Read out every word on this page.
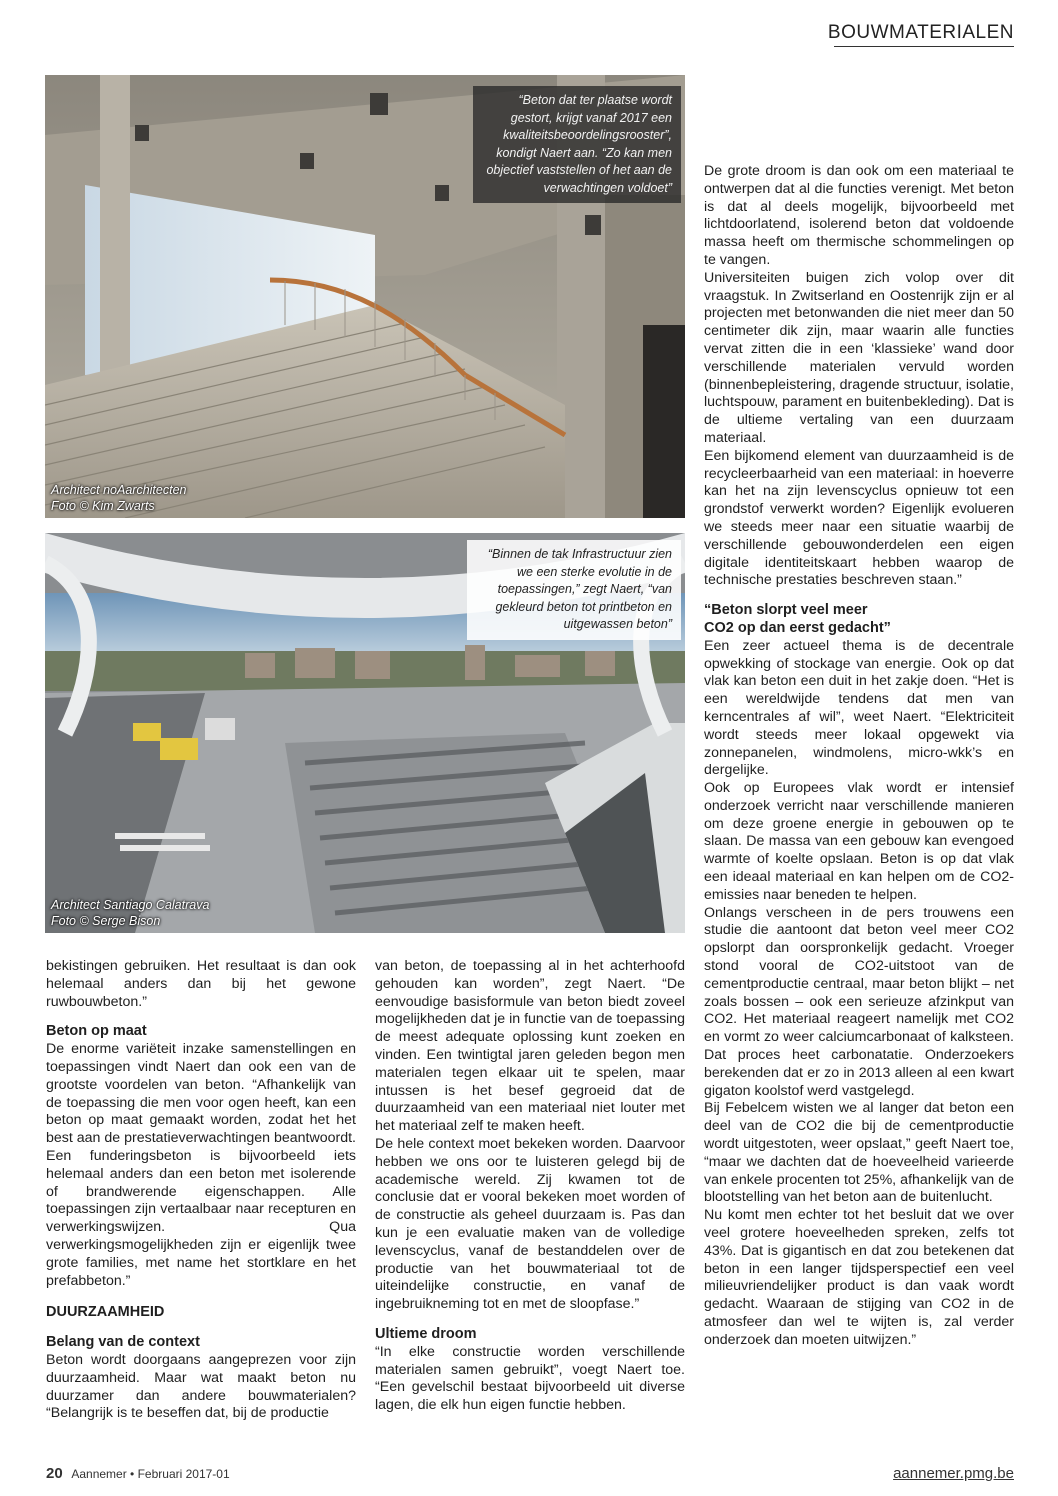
BOUWMATERIALEN
“Beton dat ter plaatse wordt gestort, krijgt vanaf 2017 een kwaliteitsbeoordelingsrooster”, kondigt Naert aan. “Zo kan men objectief vaststellen of het aan de verwachtingen voldoet”
Architect noAarchitecten
Foto © Kim Zwarts
“Binnen de tak Infrastructuur zien we een sterke evolutie in de toepassingen,” zegt Naert, “van gekleurd beton tot printbeton en uitgewassen beton”
Architect Santiago Calatrava
Foto © Serge Bison

bekistingen gebruiken. Het resultaat is dan ook helemaal anders dan bij het gewone ruwbouwbeton.”

Beton op maat

De enorme variëteit inzake samenstellingen en toepassingen vindt Naert dan ook een van de grootste voordelen van beton. “Afhankelijk van de toepassing die men voor ogen heeft, kan een beton op maat gemaakt worden, zodat het het best aan de prestatieverwachtingen beantwoordt. Een funderingsbeton is bijvoorbeeld iets helemaal anders dan een beton met isolerende of brandwerende eigenschappen. Alle toepassingen zijn vertaalbaar naar recepturen en verwerkingswijzen. Qua verwerkingsmogelijkheden zijn er eigenlijk twee grote families, met name het stortklare en het prefabbeton.”

DUURZAAMHEID
Belang van de context

Beton wordt doorgaans aangeprezen voor zijn duurzaamheid. Maar wat maakt beton nu duurzamer dan andere bouwmaterialen? “Belangrijk is te beseffen dat, bij de productie

van beton, de toepassing al in het achterhoofd gehouden kan worden”, zegt Naert. “De eenvoudige basisformule van beton biedt zoveel mogelijkheden dat je in functie van de toepassing de meest adequate oplossing kunt zoeken en vinden. Een twintigtal jaren geleden begon men materialen tegen elkaar uit te spelen, maar intussen is het besef gegroeid dat de duurzaamheid van een materiaal niet louter met het materiaal zelf te maken heeft.

De hele context moet bekeken worden. Daarvoor hebben we ons oor te luisteren gelegd bij de academische wereld. Zij kwamen tot de conclusie dat er vooral bekeken moet worden of de constructie als geheel duurzaam is. Pas dan kun je een evaluatie maken van de volledige levenscyclus, vanaf de bestanddelen over de productie van het bouwmateriaal tot de uiteindelijke constructie, en vanaf de ingebruikneming tot en met de sloopfase.”

Ultieme droom

“In elke constructie worden verschillende materialen samen gebruikt”, voegt Naert toe. “Een gevelschil bestaat bijvoorbeeld uit diverse lagen, die elk hun eigen functie hebben.

De grote droom is dan ook om een materiaal te ontwerpen dat al die functies verenigt. Met beton is dat al deels mogelijk, bijvoorbeeld met lichtdoorlatend, isolerend beton dat voldoende massa heeft om thermische schommelingen op te vangen.

Universiteiten buigen zich volop over dit vraagstuk. In Zwitserland en Oostenrijk zijn er al projecten met betonwanden die niet meer dan 50 centimeter dik zijn, maar waarin alle functies vervat zitten die in een ‘klassieke’ wand door verschillende materialen vervuld worden (binnenbepleistering, dragende structuur, isolatie, luchtspouw, parament en buitenbekleding). Dat is de ultieme vertaling van een duurzaam materiaal.

Een bijkomend element van duurzaamheid is de recycleerbaarheid van een materiaal: in hoeverre kan het na zijn levenscyclus opnieuw tot een grondstof verwerkt worden? Eigenlijk evolueren we steeds meer naar een situatie waarbij de verschillende gebouwonderdelen een eigen digitale identiteitskaart hebben waarop de technische prestaties beschreven staan.”

“Beton slorpt veel meer
CO2 op dan eerst gedacht”

Een zeer actueel thema is de decentrale opwekking of stockage van energie. Ook op dat vlak kan beton een duit in het zakje doen. “Het is een wereldwijde tendens dat men van kerncentrales af wil”, weet Naert. “Elektriciteit wordt steeds meer lokaal opgewekt via zonnepanelen, windmolens, micro-wkk’s en dergelijke.

Ook op Europees vlak wordt er intensief onderzoek verricht naar verschillende manieren om deze groene energie in gebouwen op te slaan. De massa van een gebouw kan evengoed warmte of koelte opslaan. Beton is op dat vlak een ideaal materiaal en kan helpen om de CO2-emissies naar beneden te helpen.

Onlangs verscheen in de pers trouwens een studie die aantoont dat beton veel meer CO2 opslorpt dan oorspronkelijk gedacht. Vroeger stond vooral de CO2-uitstoot van de cementproductie centraal, maar beton blijkt – net zoals bossen – ook een serieuze afzinkput van CO2. Het materiaal reageert namelijk met CO2 en vormt zo weer calciumcarbonaat of kalksteen. Dat proces heet carbonatatie. Onderzoekers berekenden dat er zo in 2013 alleen al een kwart gigaton koolstof werd vastgelegd.

Bij Febelcem wisten we al langer dat beton een deel van de CO2 die bij de cementproductie wordt uitgestoten, weer opslaat,” geeft Naert toe, “maar we dachten dat de hoeveelheid varieerde van enkele procenten tot 25%, afhankelijk van de blootstelling van het beton aan de buitenlucht.

Nu komt men echter tot het besluit dat we over veel grotere hoeveelheden spreken, zelfs tot 43%. Dat is gigantisch en dat zou betekenen dat beton in een langer tijdsperspectief een veel milieuvriendelijker product is dan vaak wordt gedacht. Waaraan de stijging van CO2 in de atmosfeer dan wel te wijten is, zal verder onderzoek dan moeten uitwijzen.”

20 Aannemer • Februari 2017-01	aannemer.pmg.be
